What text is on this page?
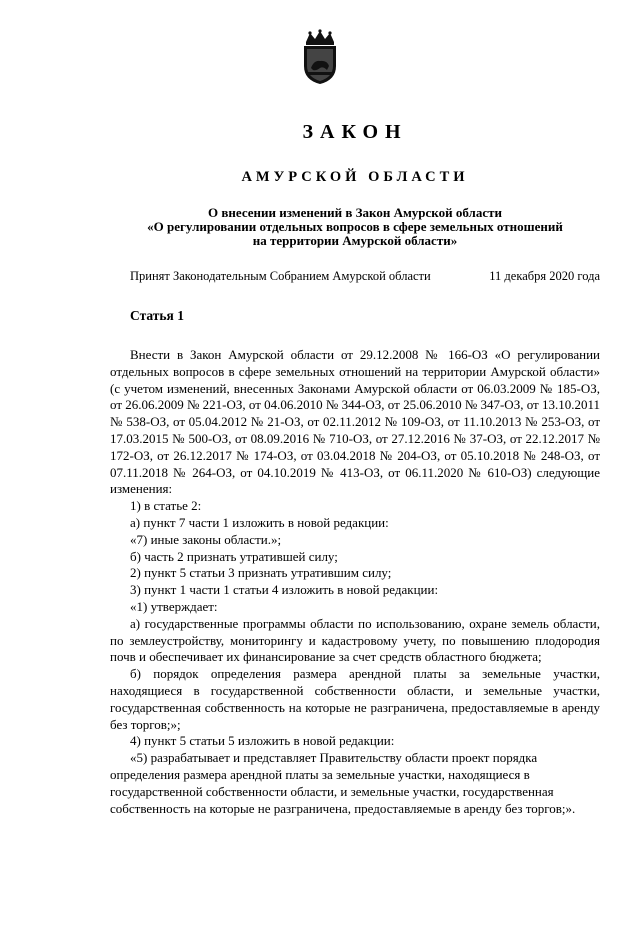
ЗАКОН
АМУРСКОЙ ОБЛАСТИ
О внесении изменений в Закон Амурской области
«О регулировании отдельных вопросов в сфере земельных отношений
на территории Амурской области»
Принят Законодательным Собранием Амурской области	11 декабря 2020 года
Статья 1

Внести в Закон Амурской области от 29.12.2008 № 166-ОЗ «О регулировании отдельных вопросов в сфере земельных отношений на территории Амурской области» (с учетом изменений, внесенных Законами Амурской области от 06.03.2009 № 185-ОЗ, от 26.06.2009 № 221-ОЗ, от 04.06.2010 № 344-ОЗ, от 25.06.2010 № 347-ОЗ, от 13.10.2011 № 538-ОЗ, от 05.04.2012 № 21-ОЗ, от 02.11.2012 № 109-ОЗ, от 11.10.2013 № 253-ОЗ, от 17.03.2015 № 500-ОЗ, от 08.09.2016 № 710-ОЗ, от 27.12.2016 № 37-ОЗ, от 22.12.2017 № 172-ОЗ, от 26.12.2017 № 174-ОЗ, от 03.04.2018 № 204-ОЗ, от 05.10.2018 № 248-ОЗ, от 07.11.2018 № 264-ОЗ, от 04.10.2019 № 413-ОЗ, от 06.11.2020 № 610-ОЗ) следующие изменения:

1) в статье 2:

а) пункт 7 части 1 изложить в новой редакции:

«7) иные законы области.»;

б) часть 2 признать утратившей силу;

2) пункт 5 статьи 3 признать утратившим силу;

3) пункт 1 части 1 статьи 4 изложить в новой редакции:

«1) утверждает:

а) государственные программы области по использованию, охране земель области, по землеустройству, мониторингу и кадастровому учету, по повышению плодородия почв и обеспечивает их финансирование за счет средств областного бюджета;

б) порядок определения размера арендной платы за земельные участки, находящиеся в государственной собственности области, и земельные участки, государственная собственность на которые не разграничена, предоставляемые в аренду без торгов;»;

4) пункт 5 статьи 5 изложить в новой редакции:

«5) разрабатывает и представляет Правительству области проект порядка определения размера арендной платы за земельные участки, находящиеся в государственной собственности области, и земельные участки, государственная собственность на которые не разграничена, предоставляемые в аренду без торгов;».
